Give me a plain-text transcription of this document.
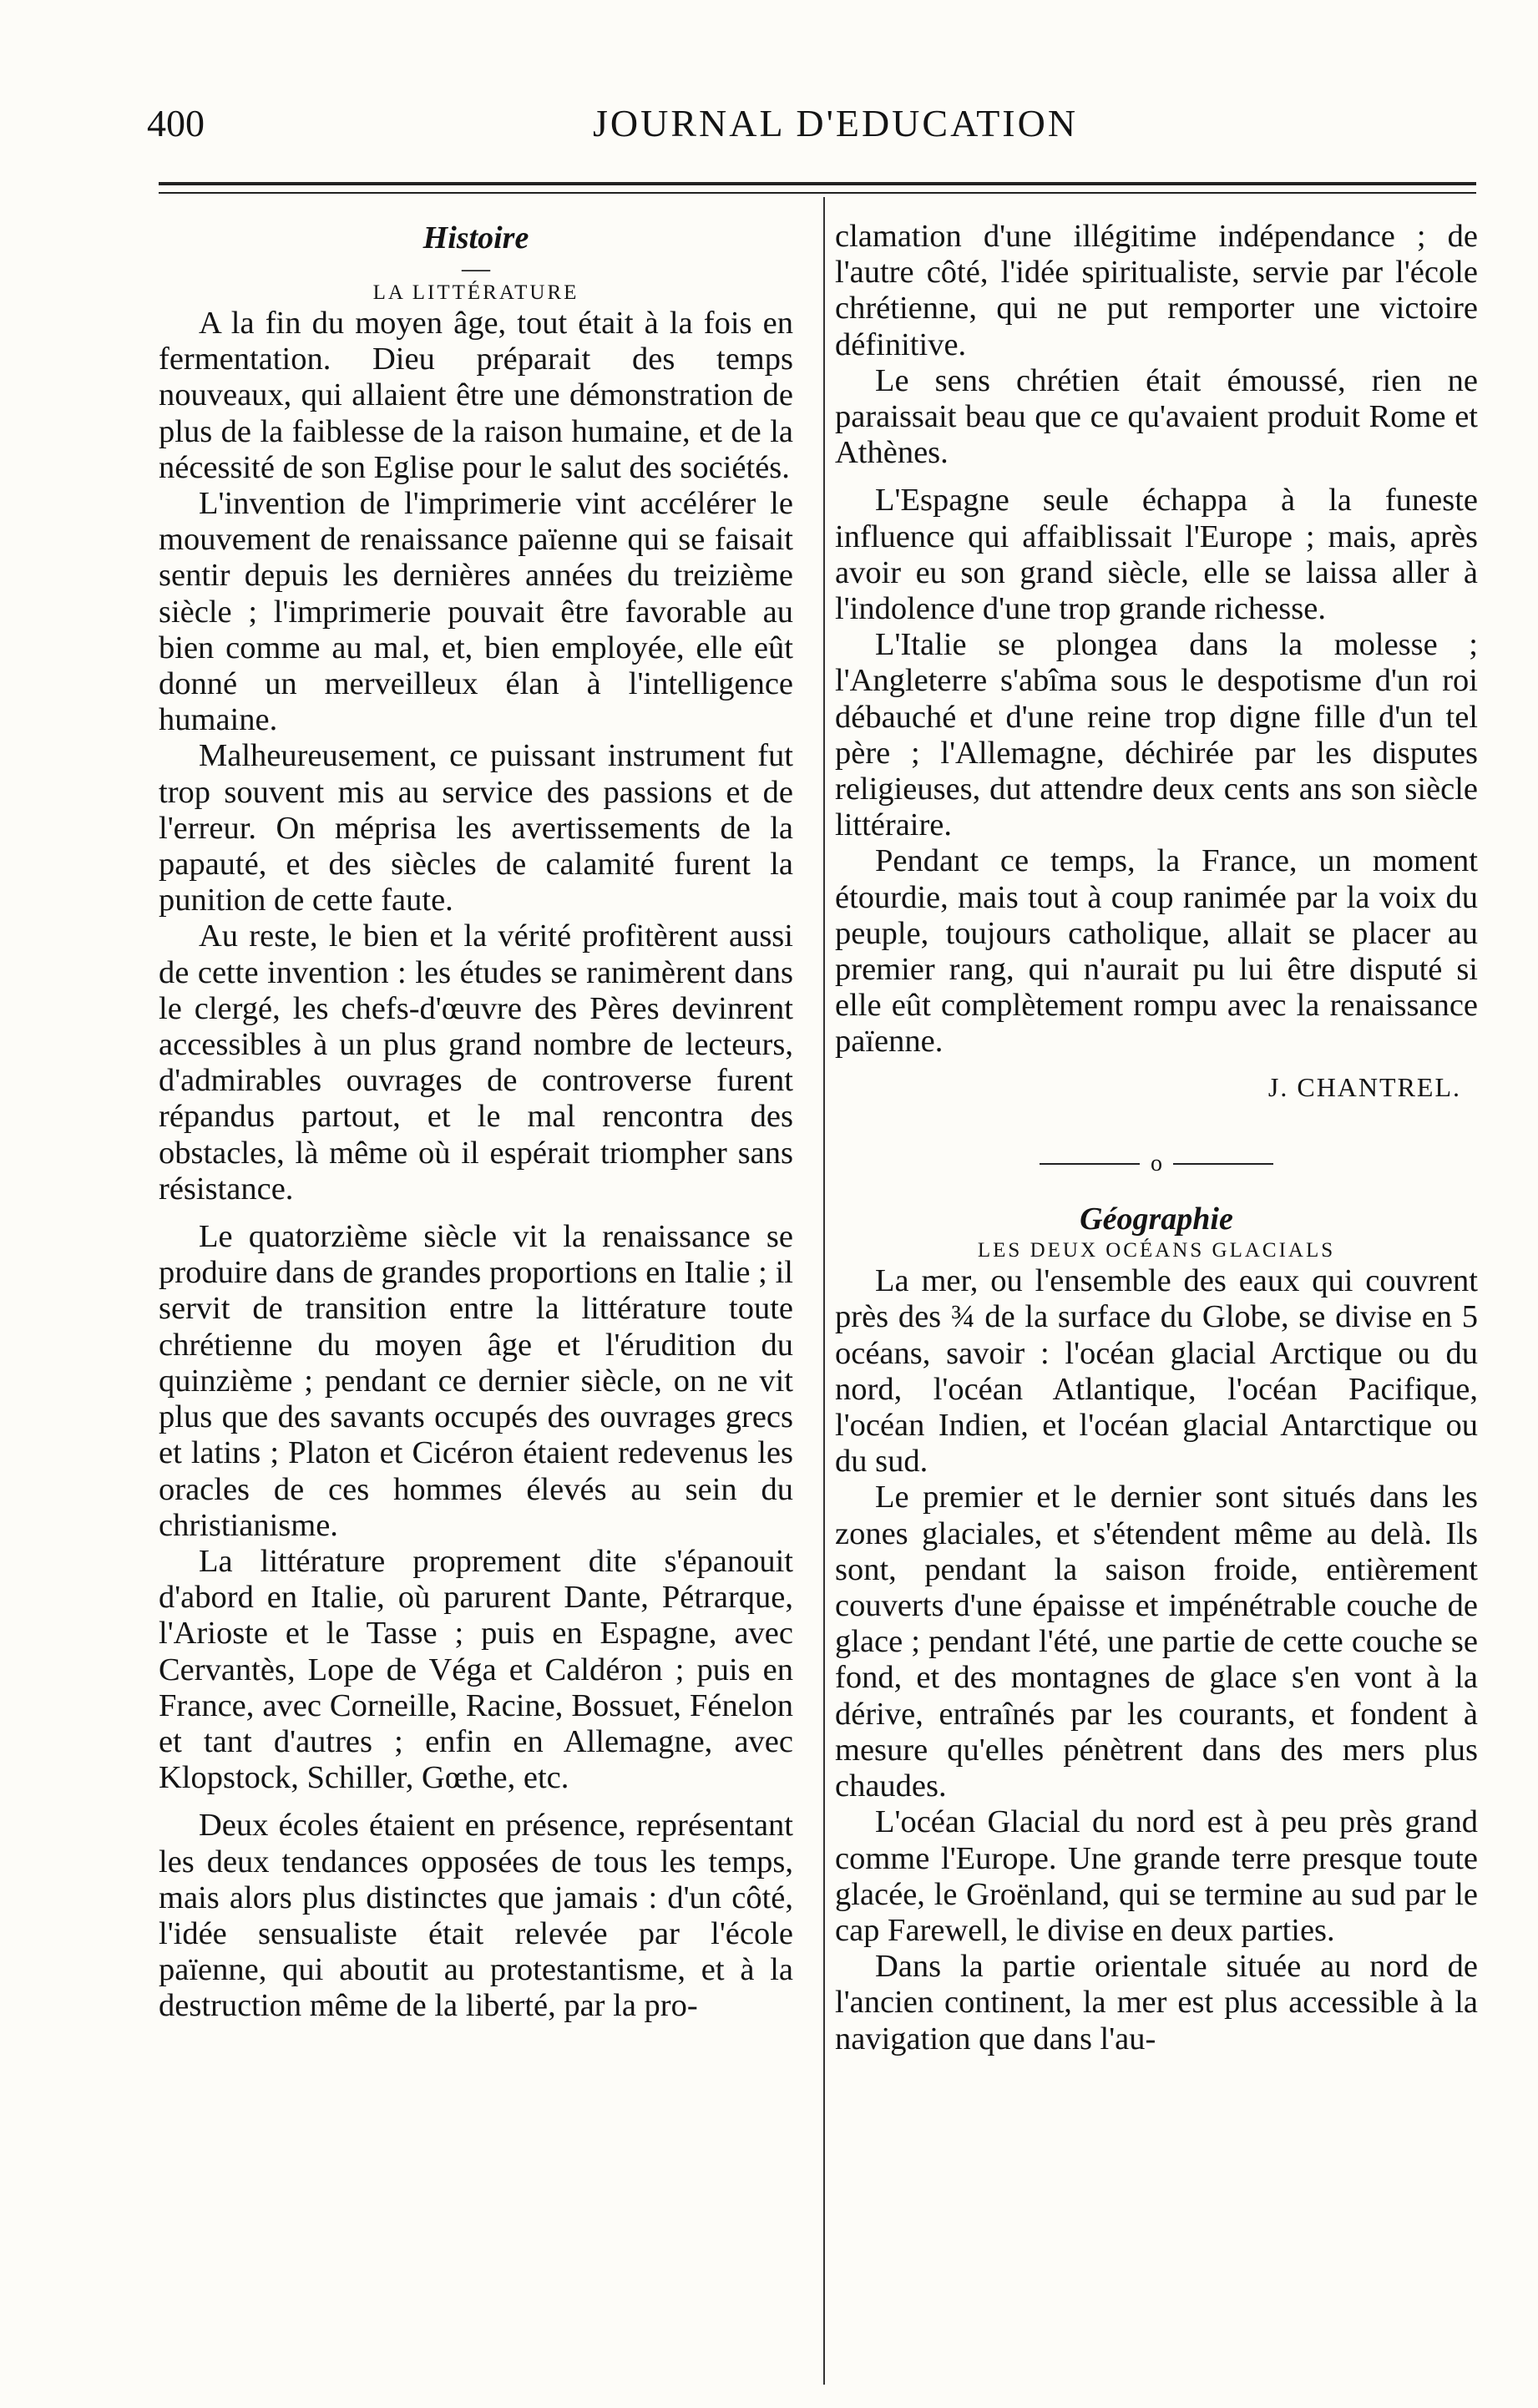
400	JOURNAL D'EDUCATION

Histoire

—

LA LITTÉRATURE

A la fin du moyen âge, tout était à la fois en fermentation. Dieu préparait des temps nouveaux, qui allaient être une démonstration de plus de la faiblesse de la raison humaine, et de la nécessité de son Eglise pour le salut des sociétés.

L'invention de l'imprimerie vint accélérer le mouvement de renaissance païenne qui se faisait sentir depuis les dernières années du treizième siècle ; l'imprimerie pouvait être favorable au bien comme au mal, et, bien employée, elle eût donné un merveilleux élan à l'intelligence humaine.

Malheureusement, ce puissant instrument fut trop souvent mis au service des passions et de l'erreur. On méprisa les avertissements de la papauté, et des siècles de calamité furent la punition de cette faute.

Au reste, le bien et la vérité profitèrent aussi de cette invention : les études se ranimèrent dans le clergé, les chefs-d'œuvre des Pères devinrent accessibles à un plus grand nombre de lecteurs, d'admirables ouvrages de controverse furent répandus partout, et le mal rencontra des obstacles, là même où il espérait triompher sans résistance.

Le quatorzième siècle vit la renaissance se produire dans de grandes proportions en Italie ; il servit de transition entre la littérature toute chrétienne du moyen âge et l'érudition du quinzième ; pendant ce dernier siècle, on ne vit plus que des savants occupés des ouvrages grecs et latins ; Platon et Cicéron étaient redevenus les oracles de ces hommes élevés au sein du christianisme.

La littérature proprement dite s'épanouit d'abord en Italie, où parurent Dante, Pétrarque, l'Arioste et le Tasse ; puis en Espagne, avec Cervantès, Lope de Véga et Caldéron ; puis en France, avec Corneille, Racine, Bossuet, Fénelon et tant d'autres ; enfin en Allemagne, avec Klopstock, Schiller, Gœthe, etc.

Deux écoles étaient en présence, représentant les deux tendances opposées de tous les temps, mais alors plus distinctes que jamais : d'un côté, l'idée sensualiste était relevée par l'école païenne, qui aboutit au protestantisme, et à la destruction même de la liberté, par la pro-

clamation d'une illégitime indépendance ; de l'autre côté, l'idée spiritualiste, servie par l'école chrétienne, qui ne put remporter une victoire définitive.

Le sens chrétien était émoussé, rien ne paraissait beau que ce qu'avaient produit Rome et Athènes.

L'Espagne seule échappa à la funeste influence qui affaiblissait l'Europe ; mais, après avoir eu son grand siècle, elle se laissa aller à l'indolence d'une trop grande richesse.

L'Italie se plongea dans la molesse ; l'Angleterre s'abîma sous le despotisme d'un roi débauché et d'une reine trop digne fille d'un tel père ; l'Allemagne, déchirée par les disputes religieuses, dut attendre deux cents ans son siècle littéraire.

Pendant ce temps, la France, un moment étourdie, mais tout à coup ranimée par la voix du peuple, toujours catholique, allait se placer au premier rang, qui n'aurait pu lui être disputé si elle eût complètement rompu avec la renaissance païenne.

J. CHANTREL.
o

Géographie

LES DEUX OCÉANS GLACIALS

La mer, ou l'ensemble des eaux qui couvrent près des ¾ de la surface du Globe, se divise en 5 océans, savoir : l'océan glacial Arctique ou du nord, l'océan Atlantique, l'océan Pacifique, l'océan Indien, et l'océan glacial Antarctique ou du sud.

Le premier et le dernier sont situés dans les zones glaciales, et s'étendent même au delà. Ils sont, pendant la saison froide, entièrement couverts d'une épaisse et impénétrable couche de glace ; pendant l'été, une partie de cette couche se fond, et des montagnes de glace s'en vont à la dérive, entraînés par les courants, et fondent à mesure qu'elles pénètrent dans des mers plus chaudes.

L'océan Glacial du nord est à peu près grand comme l'Europe. Une grande terre presque toute glacée, le Groënland, qui se termine au sud par le cap Farewell, le divise en deux parties.

Dans la partie orientale située au nord de l'ancien continent, la mer est plus accessible à la navigation que dans l'au-
